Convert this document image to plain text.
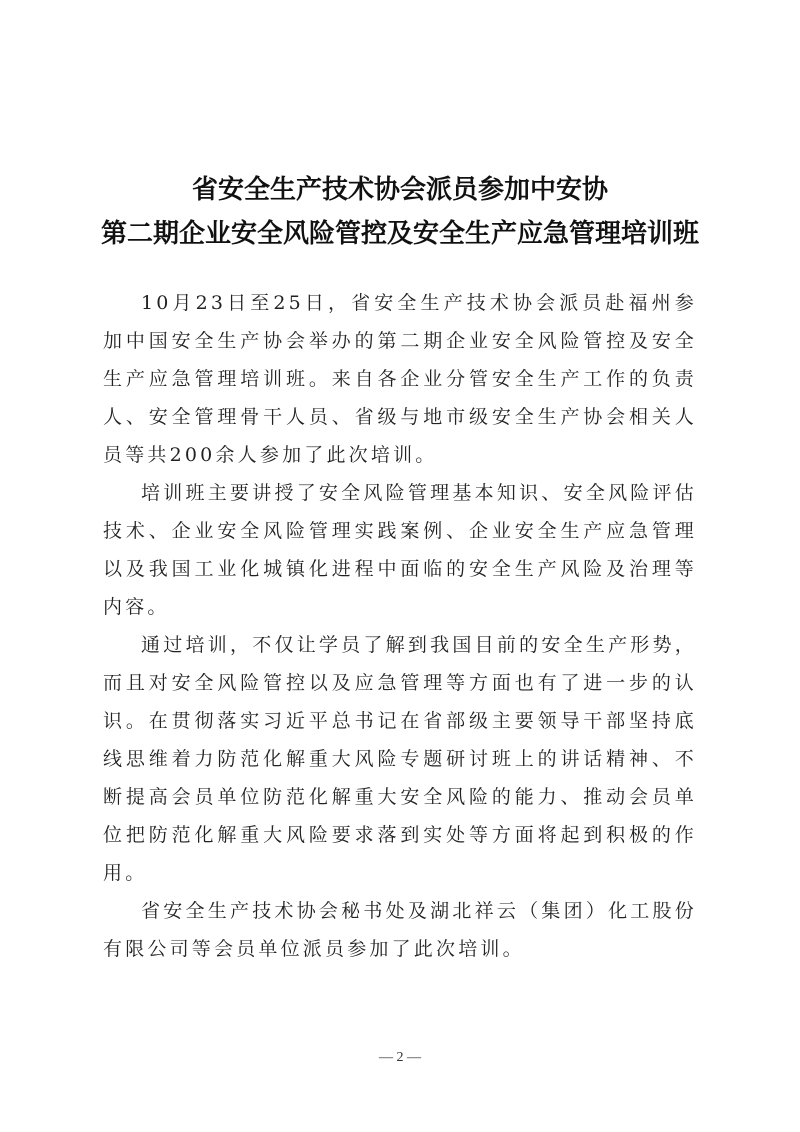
省安全生产技术协会派员参加中安协
第二期企业安全风险管控及安全生产应急管理培训班

10月23日至25日，省安全生产技术协会派员赴福州参加中国安全生产协会举办的第二期企业安全风险管控及安全生产应急管理培训班。来自各企业分管安全生产工作的负责人、安全管理骨干人员、省级与地市级安全生产协会相关人员等共200余人参加了此次培训。

培训班主要讲授了安全风险管理基本知识、安全风险评估技术、企业安全风险管理实践案例、企业安全生产应急管理以及我国工业化城镇化进程中面临的安全生产风险及治理等内容。

通过培训，不仅让学员了解到我国目前的安全生产形势，而且对安全风险管控以及应急管理等方面也有了进一步的认识。在贯彻落实习近平总书记在省部级主要领导干部坚持底线思维着力防范化解重大风险专题研讨班上的讲话精神、不断提高会员单位防范化解重大安全风险的能力、推动会员单位把防范化解重大风险要求落到实处等方面将起到积极的作用。

省安全生产技术协会秘书处及湖北祥云（集团）化工股份有限公司等会员单位派员参加了此次培训。

— 2 —
